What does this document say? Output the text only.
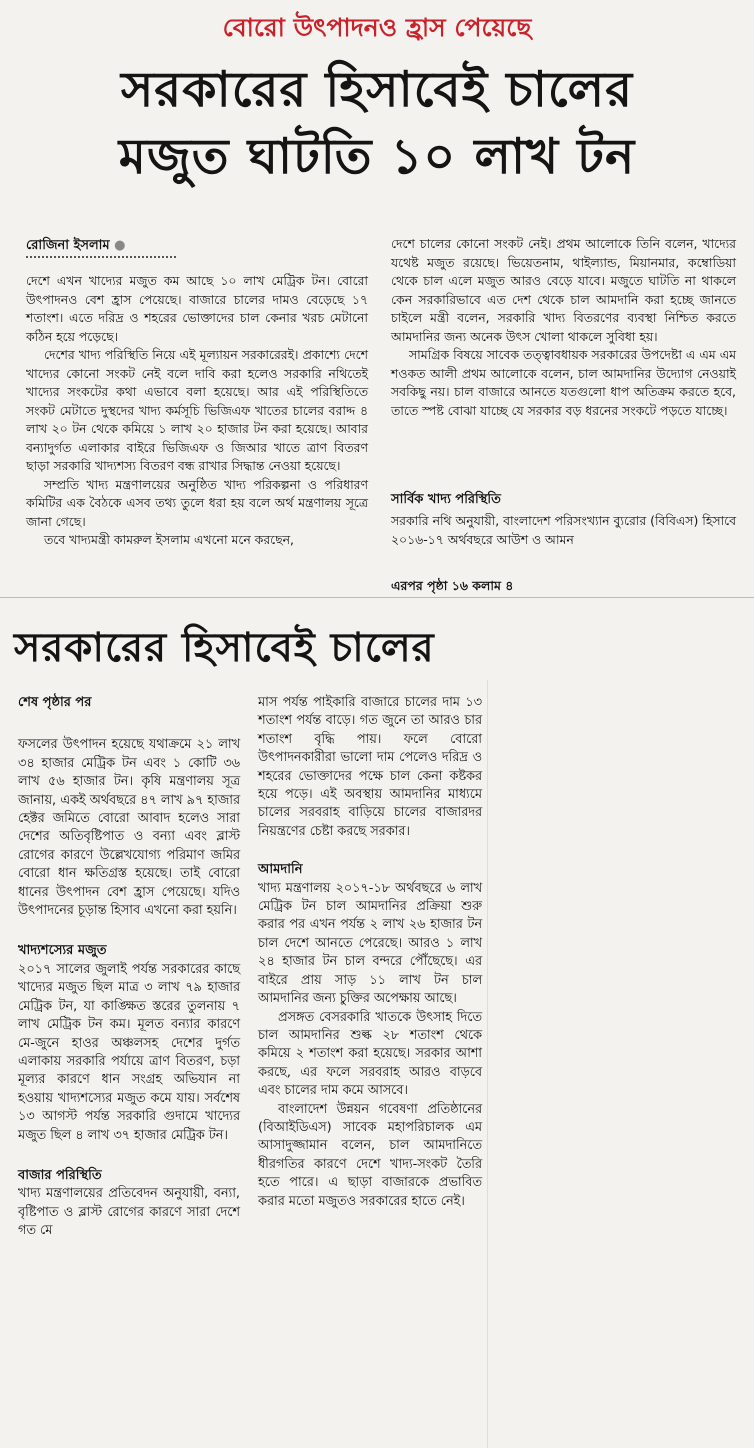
বোরো উৎপাদনও হ্রাস পেয়েছে
সরকারের হিসাবেই চালের
মজুত ঘাটতি ১০ লাখ টন
রোজিনা ইসলাম ●

দেশে এখন খাদ্যের মজুত কম আছে ১০ লাখ মেট্রিক টন। বোরো উৎপাদনও বেশ হ্রাস পেয়েছে। বাজারে চালের দামও বেড়েছে ১৭ শতাংশ। এতে দরিদ্র ও শহরের ভোক্তাদের চাল কেনার খরচ মেটানো কঠিন হয়ে পড়েছে।

দেশের খাদ্য পরিস্থিতি নিয়ে এই মূল্যায়ন সরকারেরই। প্রকাশ্যে দেশে খাদ্যের কোনো সংকট নেই বলে দাবি করা হলেও সরকারি নথিতেই খাদ্যের সংকটের কথা এভাবে বলা হয়েছে। আর এই পরিস্থিতিতে সংকট মেটাতে দুস্থদের খাদ্য কর্মসূচি ভিজিএফ খাতের চালের বরাদ্দ ৪ লাখ ২০ টন থেকে কমিয়ে ১ লাখ ২০ হাজার টন করা হয়েছে। আবার বন্যাদুর্গত এলাকার বাইরে ভিজিএফ ও জিআর খাতে ত্রাণ বিতরণ ছাড়া সরকারি খাদ্যশস্য বিতরণ বন্ধ রাখার সিদ্ধান্ত নেওয়া হয়েছে।

সম্প্রতি খাদ্য মন্ত্রণালয়ের অনুষ্ঠিত খাদ্য পরিকল্পনা ও পরিধারণ কমিটির এক বৈঠকে এসব তথ্য তুলে ধরা হয় বলে অর্থ মন্ত্রণালয় সূত্রে জানা গেছে।

তবে খাদ্যমন্ত্রী কামরুল ইসলাম এখনো মনে করছেন,

দেশে চালের কোনো সংকট নেই। প্রথম আলোকে তিনি বলেন, খাদ্যের যথেষ্ট মজুত রয়েছে। ভিয়েতনাম, থাইল্যান্ড, মিয়ানমার, কম্বোডিয়া থেকে চাল এলে মজুত আরও বেড়ে যাবে। মজুতে ঘাটতি না থাকলে কেন সরকারিভাবে এত দেশ থেকে চাল আমদানি করা হচ্ছে জানতে চাইলে মন্ত্রী বলেন, সরকারি খাদ্য বিতরণের ব্যবস্থা নিশ্চিত করতে আমদানির জন্য অনেক উৎস খোলা থাকলে সুবিধা হয়।

সামগ্রিক বিষয়ে সাবেক তত্ত্বাবধায়ক সরকারের উপদেষ্টা এ এম এম শওকত আলী প্রথম আলোকে বলেন, চাল আমদানির উদ্যোগ নেওয়াই সবকিছু নয়। চাল বাজারে আনতে যতগুলো ধাপ অতিক্রম করতে হবে, তাতে স্পষ্ট বোঝা যাচ্ছে যে সরকার বড় ধরনের সংকটে পড়তে যাচ্ছে।

সার্বিক খাদ্য পরিস্থিতি

সরকারি নথি অনুযায়ী, বাংলাদেশ পরিসংখ্যান ব্যুরোর (বিবিএস) হিসাবে ২০১৬-১৭ অর্থবছরে আউশ ও আমন

এরপর পৃষ্ঠা ১৬ কলাম ৪
সরকারের হিসাবেই চালের

শেষ পৃষ্ঠার পর

ফসলের উৎপাদন হয়েছে যথাক্রমে ২১ লাখ ৩৪ হাজার মেট্রিক টন এবং ১ কোটি ৩৬ লাখ ৫৬ হাজার টন। কৃষি মন্ত্রণালয় সূত্র জানায়, একই অর্থবছরে ৪৭ লাখ ৯৭ হাজার হেক্টর জমিতে বোরো আবাদ হলেও সারা দেশের অতিবৃষ্টিপাত ও বন্যা এবং ব্লাস্ট রোগের কারণে উল্লেখযোগ্য পরিমাণ জমির বোরো ধান ক্ষতিগ্রস্ত হয়েছে। তাই বোরো ধানের উৎপাদন বেশ হ্রাস পেয়েছে। যদিও উৎপাদনের চূড়ান্ত হিসাব এখনো করা হয়নি।

খাদ্যশস্যের মজুত

২০১৭ সালের জুলাই পর্যন্ত সরকারের কাছে খাদ্যের মজুত ছিল মাত্র ৩ লাখ ৭৯ হাজার মেট্রিক টন, যা কাঙ্ক্ষিত স্তরের তুলনায় ৭ লাখ মেট্রিক টন কম। মূলত বন্যার কারণে মে-জুনে হাওর অঞ্চলসহ দেশের দুর্গত এলাকায় সরকারি পর্যায়ে ত্রাণ বিতরণ, চড়া মূল্যর কারণে ধান সংগ্রহ অভিযান না হওয়ায় খাদ্যশস্যের মজুত কমে যায়। সর্বশেষ ১৩ আগস্ট পর্যন্ত সরকারি গুদামে খাদ্যের মজুত ছিল ৪ লাখ ৩৭ হাজার মেট্রিক টন।

বাজার পরিস্থিতি

খাদ্য মন্ত্রণালয়ের প্রতিবেদন অনুযায়ী, বন্যা, বৃষ্টিপাত ও ব্লাস্ট রোগের কারণে সারা দেশে গত মে

মাস পর্যন্ত পাইকারি বাজারে চালের দাম ১৩ শতাংশ পর্যন্ত বাড়ে। গত জুনে তা আরও চার শতাংশ বৃদ্ধি পায়। ফলে বোরো উৎপাদনকারীরা ভালো দাম পেলেও দরিদ্র ও শহরের ভোক্তাদের পক্ষে চাল কেনা কষ্টকর হয়ে পড়ে। এই অবস্থায় আমদানির মাধ্যমে চালের সরবরাহ বাড়িয়ে চালের বাজারদর নিয়ন্ত্রণের চেষ্টা করছে সরকার।

আমদানি

খাদ্য মন্ত্রণালয় ২০১৭-১৮ অর্থবছরে ৬ লাখ মেট্রিক টন চাল আমদানির প্রক্রিয়া শুরু করার পর এখন পর্যন্ত ২ লাখ ২৬ হাজার টন চাল দেশে আনতে পেরেছে। আরও ১ লাখ ২৪ হাজার টন চাল বন্দরে পৌঁছেছে। এর বাইরে প্রায় সাড় ১১ লাখ টন চাল আমদানির জন্য চুক্তির অপেক্ষায় আছে।

প্রসঙ্গত বেসরকারি খাতকে উৎসাহ দিতে চাল আমদানির শুল্ক ২৮ শতাংশ থেকে কমিয়ে ২ শতাংশ করা হয়েছে। সরকার আশা করছে, এর ফলে সরবরাহ আরও বাড়বে এবং চালের দাম কমে আসবে।

বাংলাদেশ উন্নয়ন গবেষণা প্রতিষ্ঠানের (বিআইডিএস) সাবেক মহাপরিচালক এম আসাদুজ্জামান বলেন, চাল আমদানিতে ধীরগতির কারণে দেশে খাদ্য-সংকট তৈরি হতে পারে। এ ছাড়া বাজারকে প্রভাবিত করার মতো মজুতও সরকারের হাতে নেই।
